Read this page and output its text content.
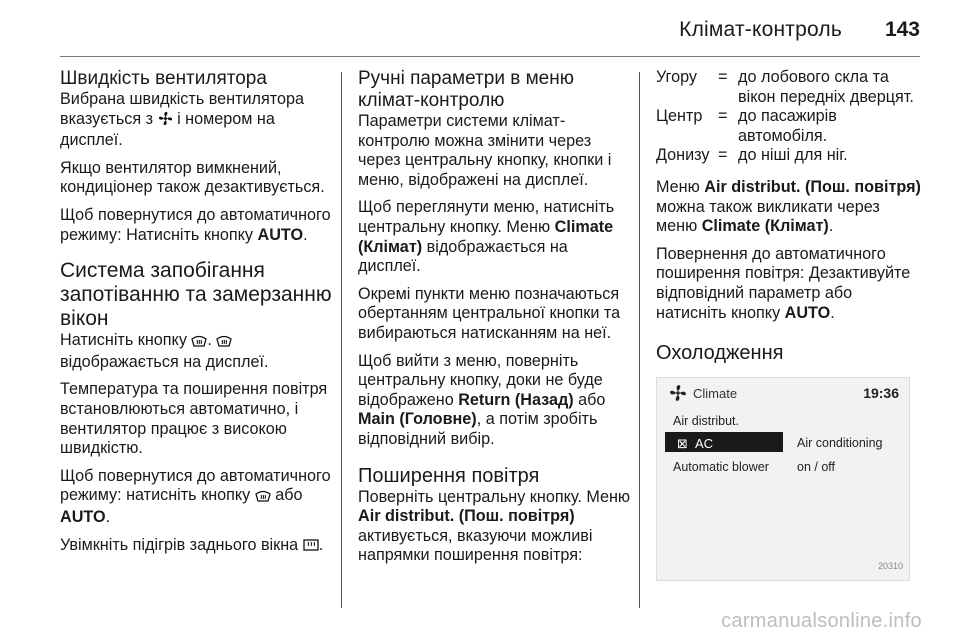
Клімат-контроль 143
Швидкість вентилятора

Вибрана швидкість вентилятора вказується з і номером на дисплеї.

Якщо вентилятор вимкнений, кондиціонер також дезактивується.

Щоб повернутися до автоматичного режиму: Натисніть кнопку AUTO.

Система запобігання запотіванню та замерзанню вікон

Натисніть кнопку .  відображається на дисплеї.

Температура та поширення повітря встановлюються автоматично, і вентилятор працює з високою швидкістю.

Щоб повернутися до автоматичного режиму: натисніть кнопку або AUTO.

Увімкніть підігрів заднього вікна .

Ручні параметри в меню клімат-контролю

Параметри системи клімат-контролю можна змінити через через центральну кнопку, кнопки і меню, відображені на дисплеї.

Щоб переглянути меню, натисніть центральну кнопку. Меню Climate (Клімат) відображається на дисплеї.

Окремі пункти меню позначаються обертанням центральної кнопки та вибираються натисканням на неї.

Щоб вийти з меню, поверніть центральну кнопку, доки не буде відображено Return (Назад) або Main (Головне), а потім зробіть відповідний вибір.

Поширення повітря

Поверніть центральну кнопку. Меню Air distribut. (Пош. повітря) активується, вказуючи можливі напрямки поширення повітря:

Угору	= до лобового скла та вікон передніх дверцят.
Центр = до пасажирів автомобіля.
Донизу = до ніші для ніг.

Меню Air distribut. (Пош. повітря) можна також викликати через меню Climate (Клімат).

Повернення до автоматичного поширення повітря: Дезактивуйте відповідний параметр або натисніть кнопку AUTO.

Охолодження
Climate	19:36
Air distribut.
⊠ AC
Automatic blower
Air conditioning
on / off
20310
carmanualsonline.info
